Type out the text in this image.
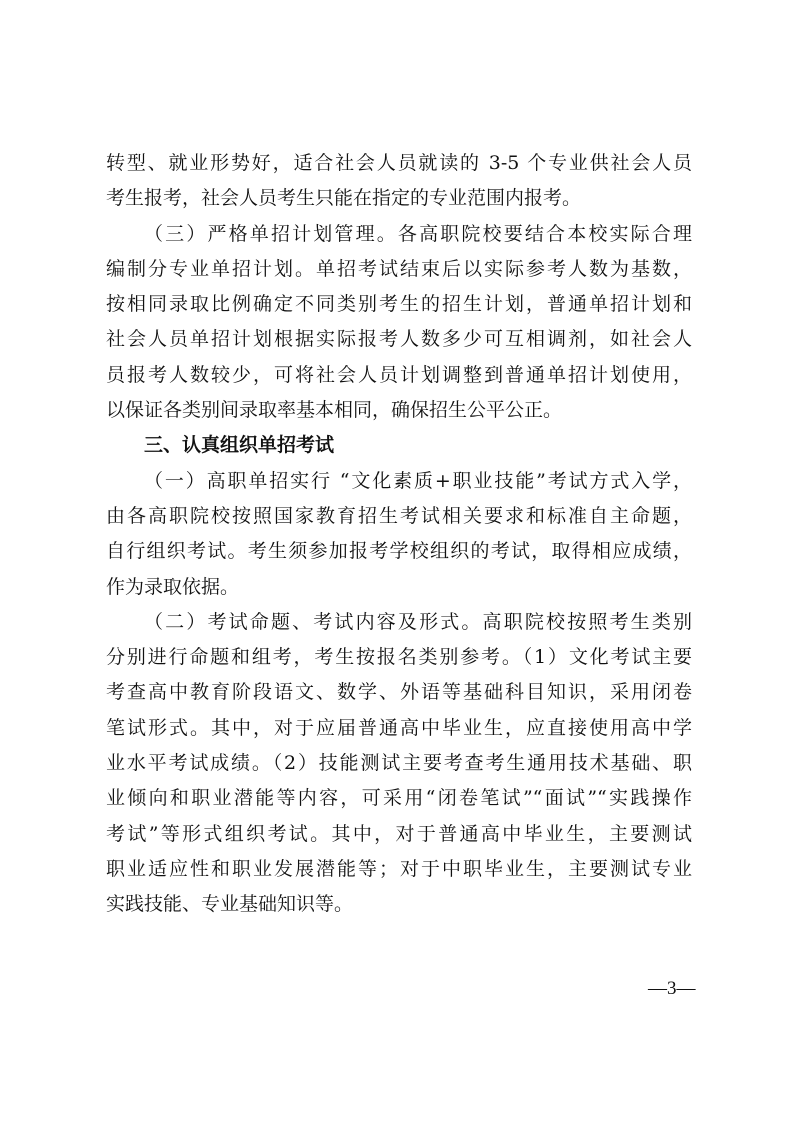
转型、就业形势好，适合社会人员就读的 3-5 个专业供社会人员
考生报考，社会人员考生只能在指定的专业范围内报考。
（三）严格单招计划管理。各高职院校要结合本校实际合理
编制分专业单招计划。单招考试结束后以实际参考人数为基数，
按相同录取比例确定不同类别考生的招生计划，普通单招计划和
社会人员单招计划根据实际报考人数多少可互相调剂，如社会人
员报考人数较少，可将社会人员计划调整到普通单招计划使用，
以保证各类别间录取率基本相同，确保招生公平公正。
三、认真组织单招考试
（一）高职单招实行 “文化素质+职业技能”考试方式入学，
由各高职院校按照国家教育招生考试相关要求和标准自主命题，
自行组织考试。考生须参加报考学校组织的考试，取得相应成绩，
作为录取依据。
（二）考试命题、考试内容及形式。高职院校按照考生类别
分别进行命题和组考，考生按报名类别参考。（1）文化考试主要
考查高中教育阶段语文、数学、外语等基础科目知识，采用闭卷
笔试形式。其中，对于应届普通高中毕业生，应直接使用高中学
业水平考试成绩。（2）技能测试主要考查考生通用技术基础、职
业倾向和职业潜能等内容，可采用“闭卷笔试”“面试”“实践操作
考试”等形式组织考试。其中，对于普通高中毕业生，主要测试
职业适应性和职业发展潜能等；对于中职毕业生，主要测试专业
实践技能、专业基础知识等。
—3—
